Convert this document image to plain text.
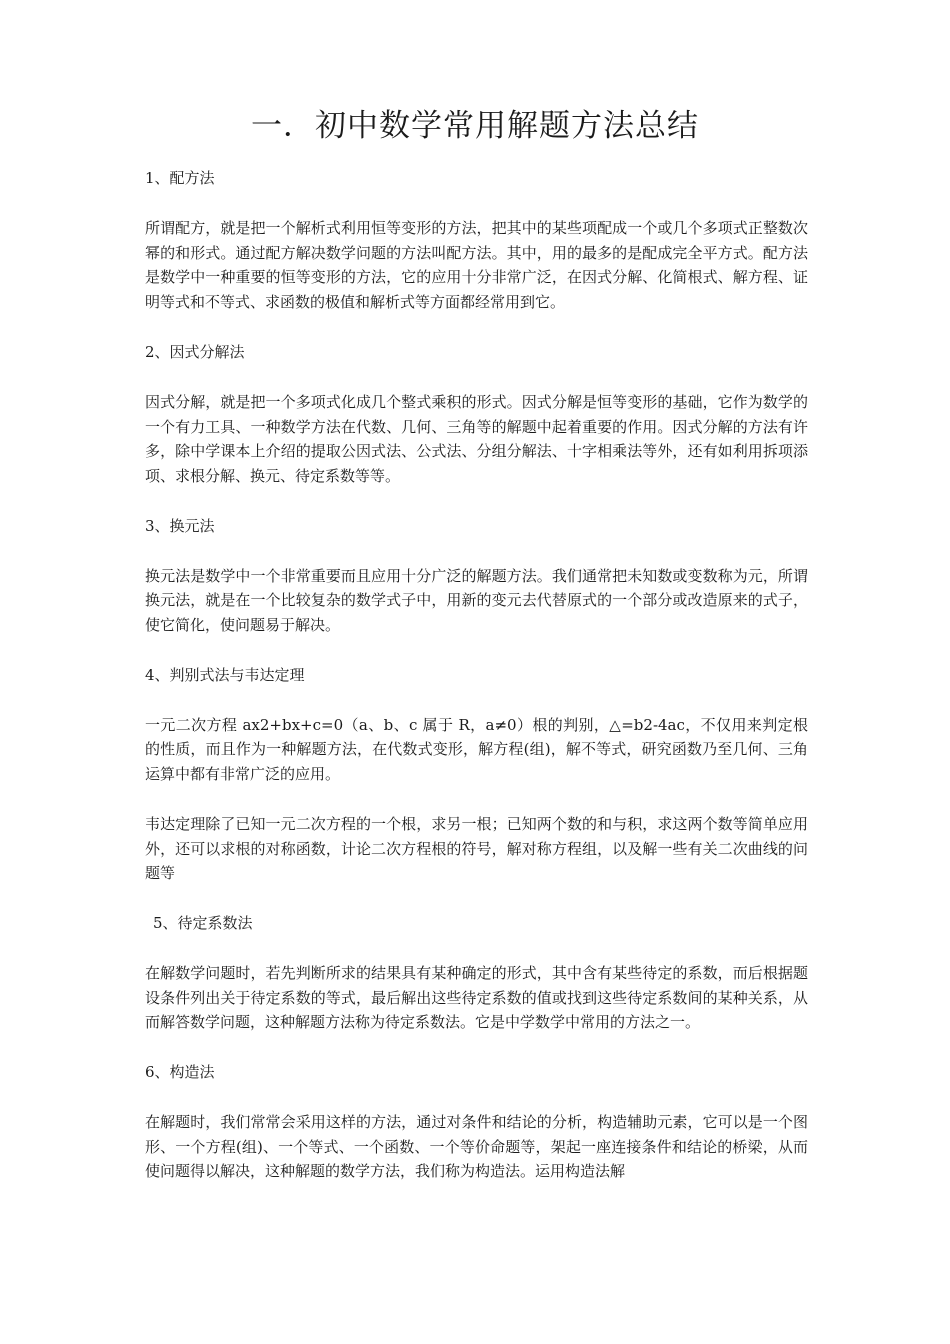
一．初中数学常用解题方法总结
1、配方法

所谓配方，就是把一个解析式利用恒等变形的方法，把其中的某些项配成一个或几个多项式正整数次幂的和形式。通过配方解决数学问题的方法叫配方法。其中，用的最多的是配成完全平方式。配方法是数学中一种重要的恒等变形的方法，它的应用十分非常广泛，在因式分解、化简根式、解方程、证明等式和不等式、求函数的极值和解析式等方面都经常用到它。

2、因式分解法

因式分解，就是把一个多项式化成几个整式乘积的形式。因式分解是恒等变形的基础，它作为数学的一个有力工具、一种数学方法在代数、几何、三角等的解题中起着重要的作用。因式分解的方法有许多，除中学课本上介绍的提取公因式法、公式法、分组分解法、十字相乘法等外，还有如利用拆项添项、求根分解、换元、待定系数等等。

3、换元法

换元法是数学中一个非常重要而且应用十分广泛的解题方法。我们通常把未知数或变数称为元，所谓换元法，就是在一个比较复杂的数学式子中，用新的变元去代替原式的一个部分或改造原来的式子，使它简化，使问题易于解决。

4、判别式法与韦达定理

一元二次方程 ax2+bx+c=0（a、b、c 属于 R，a≠0）根的判别，△=b2-4ac，不仅用来判定根的性质，而且作为一种解题方法，在代数式变形，解方程(组)，解不等式，研究函数乃至几何、三角运算中都有非常广泛的应用。

韦达定理除了已知一元二次方程的一个根，求另一根；已知两个数的和与积，求这两个数等简单应用外，还可以求根的对称函数，计论二次方程根的符号，解对称方程组，以及解一些有关二次曲线的问题等

5、待定系数法

在解数学问题时，若先判断所求的结果具有某种确定的形式，其中含有某些待定的系数，而后根据题设条件列出关于待定系数的等式，最后解出这些待定系数的值或找到这些待定系数间的某种关系，从而解答数学问题，这种解题方法称为待定系数法。它是中学数学中常用的方法之一。

6、构造法

在解题时，我们常常会采用这样的方法，通过对条件和结论的分析，构造辅助元素，它可以是一个图形、一个方程(组)、一个等式、一个函数、一个等价命题等，架起一座连接条件和结论的桥梁，从而使问题得以解决，这种解题的数学方法，我们称为构造法。运用构造法解
